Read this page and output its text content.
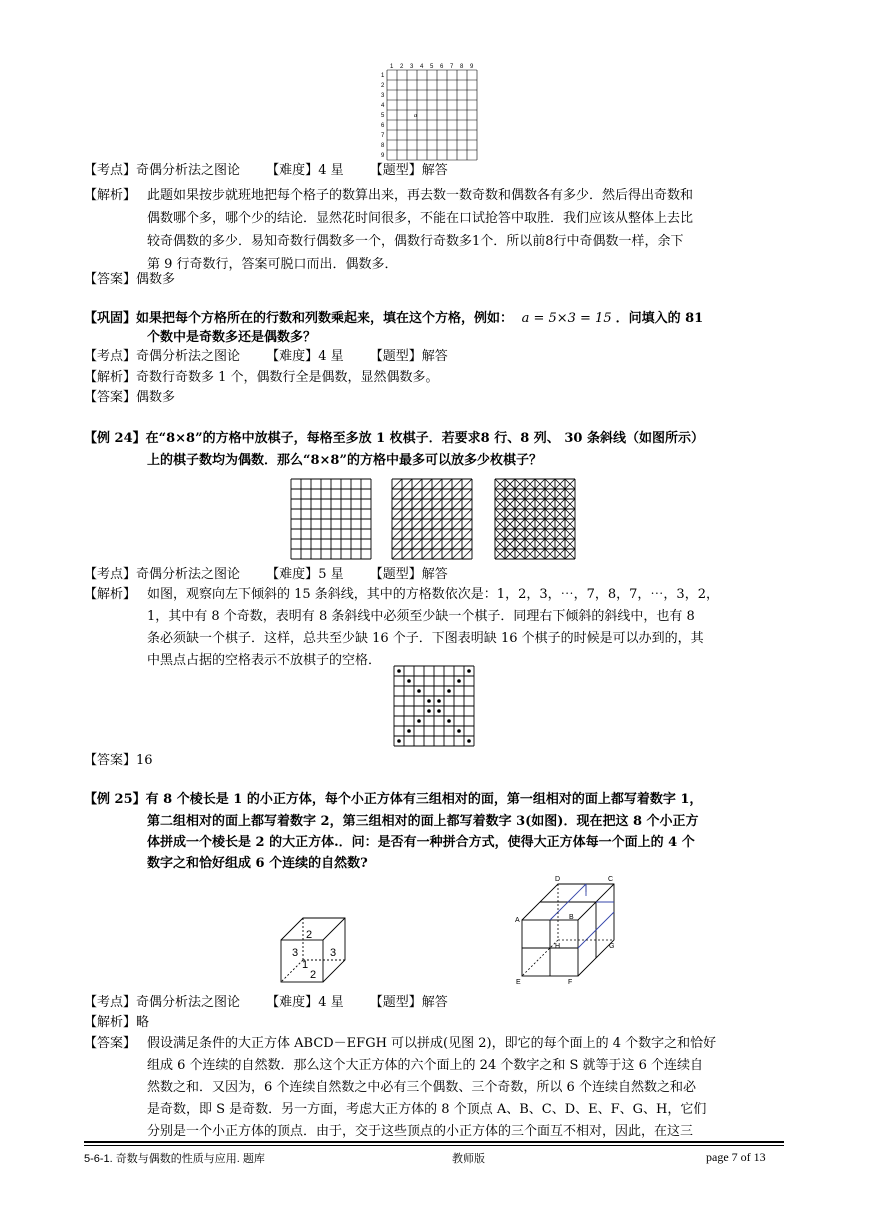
1 2 3 4 5 6 7 8 9
1
2
3
4
5
6
7
8
9
a
【考点】奇偶分析法之图论 【难度】4 星 【题型】解答
【解析】 此题如果按步就班地把每个格子的数算出来，再去数一数奇数和偶数各有多少．然后得出奇数和
偶数哪个多，哪个少的结论．显然花时间很多，不能在口试抢答中取胜．我们应该从整体上去比
较奇偶数的多少．易知奇数行偶数多一个，偶数行奇数多1个．所以前8行中奇偶数一样，余下
第 9 行奇数行，答案可脱口而出．偶数多．
【答案】偶数多
【巩固】如果把每个方格所在的行数和列数乘起来，填在这个方格，例如： a = 5×3 = 15 ．问填入的 81
个数中是奇数多还是偶数多？
【考点】奇偶分析法之图论 【难度】4 星 【题型】解答
【解析】奇数行奇数多 1 个，偶数行全是偶数，显然偶数多。
【答案】偶数多
【例 24】在“8×8”的方格中放棋子，每格至多放 1 枚棋子．若要求8 行、8 列、 30 条斜线（如图所示）
上的棋子数均为偶数．那么“8×8”的方格中最多可以放多少枚棋子？
【考点】奇偶分析法之图论 【难度】5 星 【题型】解答
【解析】 如图，观察向左下倾斜的 15 条斜线，其中的方格数依次是：1，2，3，⋯，7，8，7，⋯，3，2，
1，其中有 8 个奇数，表明有 8 条斜线中必须至少缺一个棋子．同理右下倾斜的斜线中，也有 8
条必须缺一个棋子．这样，总共至少缺 16 个子．下图表明缺 16 个棋子的时候是可以办到的，其
中黑点占据的空格表示不放棋子的空格．
【答案】16
【例 25】有 8 个棱长是 1 的小正方体，每个小正方体有三组相对的面，第一组相对的面上都写着数字 1，
第二组相对的面上都写着数字 2，第三组相对的面上都写着数字 3(如图)．现在把这 8 个小正方
体拼成一个棱长是 2 的大正方体.．问：是否有一种拼合方式，使得大正方体每一个面上的 4 个
数字之和恰好组成 6 个连续的自然数?
2
3
1
3
2
D	C
A	B
H	G
E	F
【考点】奇偶分析法之图论 【难度】4 星 【题型】解答
【解析】略
【答案】 假设满足条件的大正方体 ABCD－EFGH 可以拼成(见图 2)，即它的每个面上的 4 个数字之和恰好
组成 6 个连续的自然数．那么这个大正方体的六个面上的 24 个数字之和 S 就等于这 6 个连续自
然数之和．又因为，6 个连续自然数之中必有三个偶数、三个奇数，所以 6 个连续自然数之和必
是奇数，即 S 是奇数．另一方面，考虑大正方体的 8 个顶点 A、B、C、D、E、F、G、H，它们
分别是一个小正方体的顶点．由于，交于这些顶点的小正方体的三个面互不相对，因此，在这三
5-6-1. 奇数与偶数的性质与应用. 题库	教师版	page 7 of 13
